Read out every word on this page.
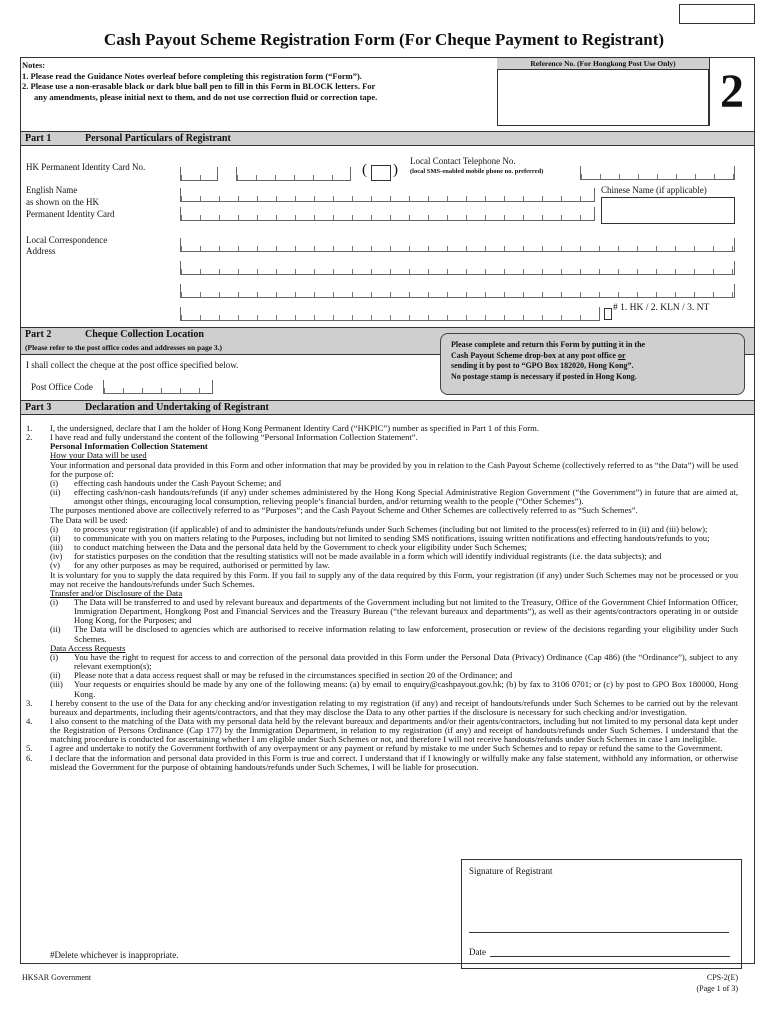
Cash Payout Scheme Registration Form (For Cheque Payment to Registrant)
Notes:
1. Please read the Guidance Notes overleaf before completing this registration form (“Form”).
2. Please use a non-erasable black or dark blue ball pen to fill in this Form in BLOCK letters. For
any amendments, please initial next to them, and do not use correction fluid or correction tape.
Reference No. (For Hongkong Post Use Only)
2
Part 1	Personal Particulars of Registrant
HK Permanent Identity Card No.	( )
Local Contact Telephone No.
(local SMS-enabled mobile phone no. preferred)
English Name
as shown on the HK
Permanent Identity Card
Chinese Name (if applicable)
Local Correspondence
Address
# 1. HK / 2. KLN / 3. NT
Part 2	Cheque Collection Location
(Please refer to the post office codes and addresses on page 3.)
I shall collect the cheque at the post office specified below.
Post Office Code
Please complete and return this Form by putting it in the
Cash Payout Scheme drop-box at any post office or
sending it by post to “GPO Box 182020, Hong Kong”.
No postage stamp is necessary if posted in Hong Kong.
Part 3	Declaration and Undertaking of Registrant
1.	I, the undersigned, declare that I am the holder of Hong Kong Permanent Identity Card (“HKPIC”) number as specified in Part 1 of this Form.
2.	I have read and fully understand the content of the following “Personal Information Collection Statement”.
Personal Information Collection Statement
How your Data will be used
Your information and personal data provided in this Form and other information that may be provided by you in relation to the Cash Payout Scheme (collectively referred to as “the Data”) will be used for the purpose of:
(i)	effecting cash handouts under the Cash Payout Scheme; and
(ii)	effecting cash/non-cash handouts/refunds (if any) under schemes administered by the Hong Kong Special Administrative Region Government (“the Government”) in future that are aimed at, amongst other things, encouraging local consumption, relieving people’s financial burden, and/or returning wealth to the people (“Other Schemes”).
The purposes mentioned above are collectively referred to as “Purposes”; and the Cash Payout Scheme and Other Schemes are collectively referred to as “Such Schemes”.
The Data will be used:
(i)	to process your registration (if applicable) of and to administer the handouts/refunds under Such Schemes (including but not limited to the process(es) referred to in (ii) and (iii) below);
(ii)	to communicate with you on matters relating to the Purposes, including but not limited to sending SMS notifications, issuing written notifications and effecting handouts/refunds to you;
(iii)	to conduct matching between the Data and the personal data held by the Government to check your eligibility under Such Schemes;
(iv)	for statistics purposes on the condition that the resulting statistics will not be made available in a form which will identify individual registrants (i.e. the data subjects); and
(v)	for any other purposes as may be required, authorised or permitted by law.
It is voluntary for you to supply the data required by this Form. If you fail to supply any of the data required by this Form, your registration (if any) under Such Schemes may not be processed or you may not receive the handouts/refunds under Such Schemes.
Transfer and/or Disclosure of the Data
(i)	The Data will be transferred to and used by relevant bureaux and departments of the Government including but not limited to the Treasury, Office of the Government Chief Information Officer, Immigration Department, Hongkong Post and Financial Services and the Treasury Bureau (“the relevant bureaux and departments”), as well as their agents/contractors operating in or outside Hong Kong, for the Purposes; and
(ii)	The Data will be disclosed to agencies which are authorised to receive information relating to law enforcement, prosecution or review of the decisions regarding your eligibility under Such Schemes.
Data Access Requests
(i)	You have the right to request for access to and correction of the personal data provided in this Form under the Personal Data (Privacy) Ordinance (Cap 486) (the “Ordinance”), subject to any relevant exemption(s);
(ii)	Please note that a data access request shall or may be refused in the circumstances specified in section 20 of the Ordinance; and
(iii)	Your requests or enquiries should be made by any one of the following means: (a) by email to enquiry@cashpayout.gov.hk; (b) by fax to 3106 0701; or (c) by post to GPO Box 180000, Hong Kong.
3.	I hereby consent to the use of the Data for any checking and/or investigation relating to my registration (if any) and receipt of handouts/refunds under Such Schemes to be carried out by the relevant bureaux and departments, including their agents/contractors, and that they may disclose the Data to any other parties if the disclosure is necessary for such checking and/or investigation.
4.	I also consent to the matching of the Data with my personal data held by the relevant bureaux and departments and/or their agents/contractors, including but not limited to my personal data kept under the Registration of Persons Ordinance (Cap 177) by the Immigration Department, in relation to my registration (if any) and receipt of handouts/refunds under Such Schemes. I understand that the matching procedure is conducted for ascertaining whether I am eligible under Such Schemes or not, and therefore I will not receive handouts/refunds under Such Schemes in case I am ineligible.
5.	I agree and undertake to notify the Government forthwith of any overpayment or any payment or refund by mistake to me under Such Schemes and to repay or refund the same to the Government.
6.	I declare that the information and personal data provided in this Form is true and correct. I understand that if I knowingly or wilfully make any false statement, withhold any information, or otherwise mislead the Government for the purpose of obtaining handouts/refunds under Such Schemes, I will be liable for prosecution.
Signature of Registrant
Date
#Delete whichever is inappropriate.
HKSAR Government	CPS-2(E)
(Page 1 of 3)
